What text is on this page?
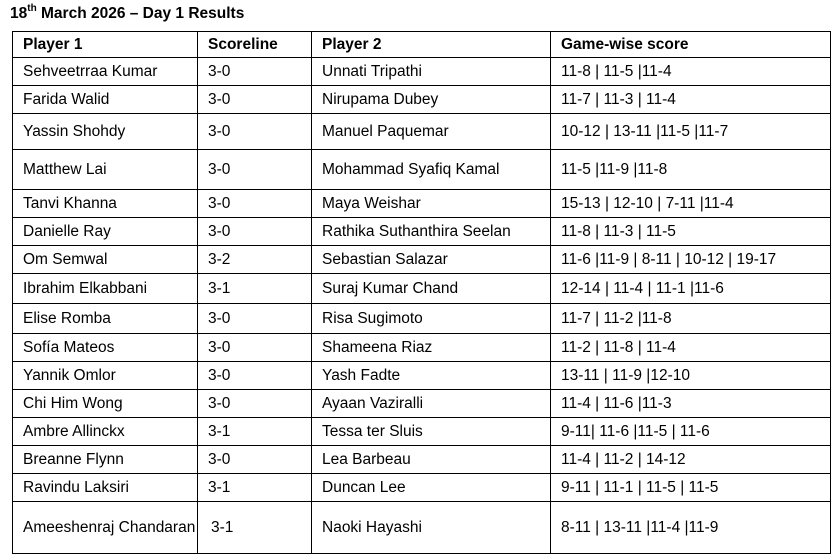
18th March 2026 – Day 1 Results
Player 1	Scoreline	Player 2	Game-wise score
Sehveetrraa Kumar	3-0	Unnati Tripathi	11-8 | 11-5 |11-4
Farida Walid	3-0	Nirupama Dubey	11-7 | 11-3 | 11-4
Yassin Shohdy	3-0	Manuel Paquemar	10-12 | 13-11 |11-5 |11-7
Matthew Lai	3-0	Mohammad Syafiq Kamal	11-5 |11-9 |11-8
Tanvi Khanna	3-0	Maya Weishar	15-13 | 12-10 | 7-11 |11-4
Danielle Ray	3-0	Rathika Suthanthira Seelan	11-8 | 11-3 | 11-5
Om Semwal	3-2	Sebastian Salazar	11-6 |11-9 | 8-11 | 10-12 | 19-17
Ibrahim Elkabbani	3-1	Suraj Kumar Chand	12-14 | 11-4 | 11-1 |11-6
Elise Romba	3-0	Risa Sugimoto	11-7 | 11-2 |11-8
Sofía Mateos	3-0	Shameena Riaz	11-2 | 11-8 | 11-4
Yannik Omlor	3-0	Yash Fadte	13-11 | 11-9 |12-10
Chi Him Wong	3-0	Ayaan Vaziralli	11-4 | 11-6 |11-3
Ambre Allinckx	3-1	Tessa ter Sluis	9-11| 11-6 |11-5 | 11-6
Breanne Flynn	3-0	Lea Barbeau	11-4 | 11-2 | 14-12
Ravindu Laksiri	3-1	Duncan Lee	9-11 | 11-1 | 11-5 | 11-5
Ameeshenraj Chandaran	3-1	Naoki Hayashi	8-11 | 13-11 |11-4 |11-9
